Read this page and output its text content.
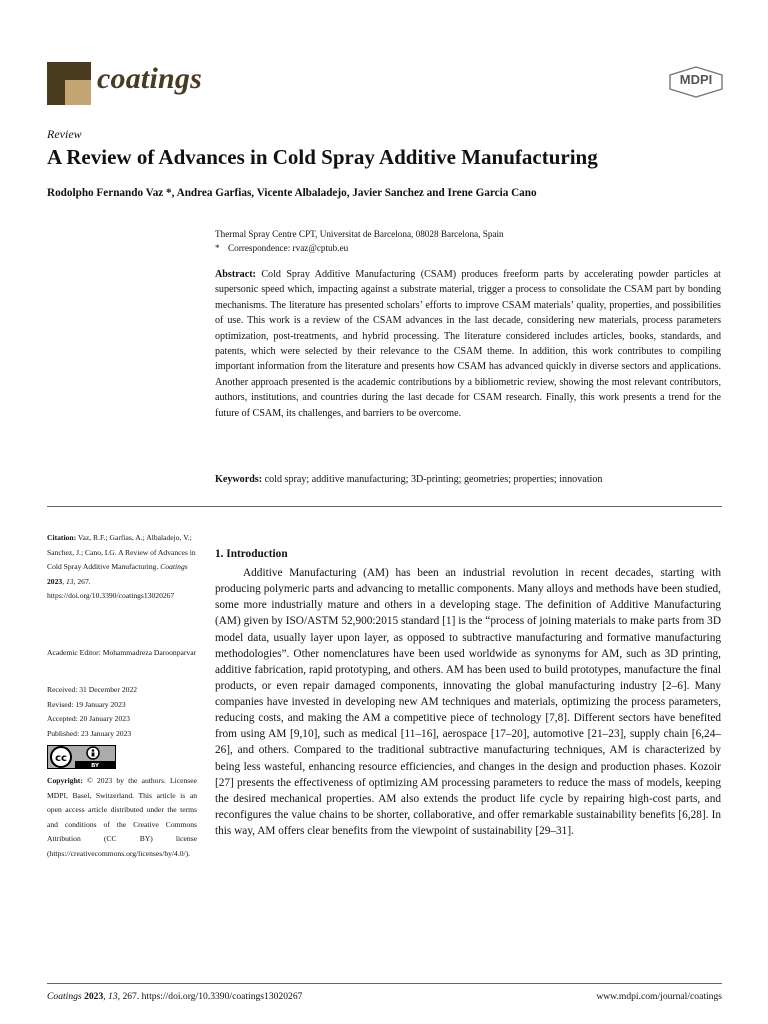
coatings	MDPI
Review
A Review of Advances in Cold Spray Additive Manufacturing
Rodolpho Fernando Vaz *, Andrea Garfias, Vicente Albaladejo, Javier Sanchez and Irene Garcia Cano
Thermal Spray Centre CPT, Universitat de Barcelona, 08028 Barcelona, Spain
* Correspondence: rvaz@cptub.eu
Abstract: Cold Spray Additive Manufacturing (CSAM) produces freeform parts by accelerating powder particles at supersonic speed which, impacting against a substrate material, trigger a process to consolidate the CSAM part by bonding mechanisms. The literature has presented scholars’ efforts to improve CSAM materials’ quality, properties, and possibilities of use. This work is a review of the CSAM advances in the last decade, considering new materials, process parameters optimization, post-treatments, and hybrid processing. The literature considered includes articles, books, standards, and patents, which were selected by their relevance to the CSAM theme. In addition, this work contributes to compiling important information from the literature and presents how CSAM has advanced quickly in diverse sectors and applications. Another approach presented is the academic contributions by a bibliometric review, showing the most relevant contributors, authors, institutions, and countries during the last decade for CSAM research. Finally, this work presents a trend for the future of CSAM, its challenges, and barriers to be overcome.
Keywords: cold spray; additive manufacturing; 3D-printing; geometries; properties; innovation
Citation: Vaz, R.F.; Garfias, A.; Albaladejo, V.; Sanchez, J.; Cano, I.G. A Review of Advances in Cold Spray Additive Manufacturing. Coatings 2023, 13, 267. https://doi.org/10.3390/coatings13020267
Academic Editor: Mohammadreza Daroonparvar
Received: 31 December 2022
Revised: 19 January 2023
Accepted: 20 January 2023
Published: 23 January 2023
cc
BY
Copyright: © 2023 by the authors. Licensee MDPI, Basel, Switzerland. This article is an open access article distributed under the terms and conditions of the Creative Commons Attribution (CC BY) license (https://creativecommons.org/licenses/by/4.0/).
1. Introduction

Additive Manufacturing (AM) has been an industrial revolution in recent decades, starting with producing polymeric parts and advancing to metallic components. Many alloys and methods have been studied, some more industrially mature and others in a developing stage. The definition of Additive Manufacturing (AM) given by ISO/ASTM 52,900:2015 standard [1] is the “process of joining materials to make parts from 3D model data, usually layer upon layer, as opposed to subtractive manufacturing and formative manufacturing methodologies”. Other nomenclatures have been used worldwide as synonyms for AM, such as 3D printing, additive fabrication, rapid prototyping, and others. AM has been used to build prototypes, manufacture the final products, or even repair damaged components, innovating the global manufacturing industry [2–6]. Many companies have invested in developing new AM techniques and materials, optimizing the process parameters, reducing costs, and making the AM a competitive piece of technology [7,8]. Different sectors have benefited from using AM [9,10], such as medical [11–16], aerospace [17–20], automotive [21–23], supply chain [6,24–26], and others. Compared to the traditional subtractive manufacturing techniques, AM is characterized by being less wasteful, enhancing resource efficiencies, and changes in the design and production phases. Kozoir [27] presents the effectiveness of optimizing AM processing parameters to reduce the mass of models, keeping the desired mechanical properties. AM also extends the product life cycle by repairing high-cost parts, and reconfigures the value chains to be shorter, collaborative, and offer remarkable sustainability benefits [6,28]. In this way, AM offers clear benefits from the viewpoint of sustainability [29–31].

Coatings 2023, 13, 267. https://doi.org/10.3390/coatings13020267	www.mdpi.com/journal/coatings
